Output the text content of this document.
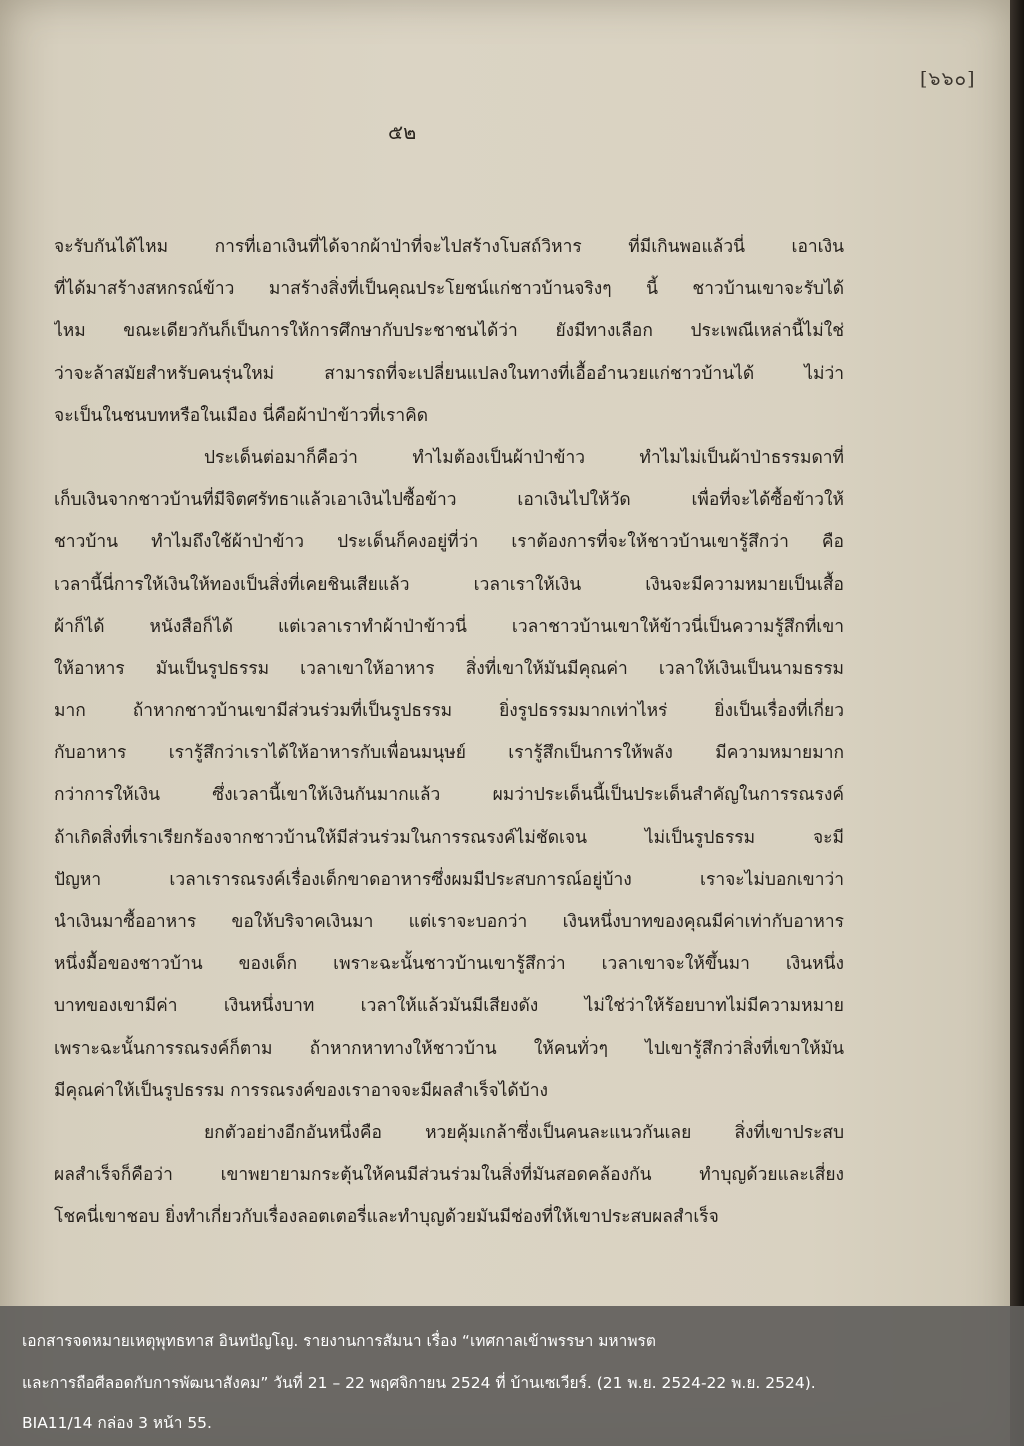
[๖๖๐]
๕๒
จะรับกันได้ไหม การที่เอาเงินที่ได้จากผ้าป่าที่จะไปสร้างโบสถ์วิหาร ที่มีเกินพอแล้วนี่ เอาเงิน
ที่ได้มาสร้างสหกรณ์ข้าว มาสร้างสิ่งที่เป็นคุณประโยชน์แก่ชาวบ้านจริงๆ นี้ ชาวบ้านเขาจะรับได้
ไหม ขณะเดียวกันก็เป็นการให้การศึกษากับประชาชนได้ว่า ยังมีทางเลือก ประเพณีเหล่านี้ไม่ใช่
ว่าจะล้าสมัยสำหรับคนรุ่นใหม่ สามารถที่จะเปลี่ยนแปลงในทางที่เอื้ออำนวยแก่ชาวบ้านได้ ไม่ว่า
จะเป็นในชนบทหรือในเมือง นี่คือผ้าป่าข้าวที่เราคิด
ประเด็นต่อมาก็คือว่า ทำไมต้องเป็นผ้าป่าข้าว ทำไมไม่เป็นผ้าป่าธรรมดาที่
เก็บเงินจากชาวบ้านที่มีจิตศรัทธาแล้วเอาเงินไปซื้อข้าว เอาเงินไปให้วัด เพื่อที่จะได้ซื้อข้าวให้
ชาวบ้าน ทำไมถึงใช้ผ้าป่าข้าว ประเด็นก็คงอยู่ที่ว่า เราต้องการที่จะให้ชาวบ้านเขารู้สึกว่า คือ
เวลานี้นี่การให้เงินให้ทองเป็นสิ่งที่เคยชินเสียแล้ว เวลาเราให้เงิน เงินจะมีความหมายเป็นเสื้อ
ผ้าก็ได้ หนังสือก็ได้ แต่เวลาเราทำผ้าป่าข้าวนี่ เวลาชาวบ้านเขาให้ข้าวนี่เป็นความรู้สึกที่เขา
ให้อาหาร มันเป็นรูปธรรม เวลาเขาให้อาหาร สิ่งที่เขาให้มันมีคุณค่า เวลาให้เงินเป็นนามธรรม
มาก ถ้าหากชาวบ้านเขามีส่วนร่วมที่เป็นรูปธรรม ยิ่งรูปธรรมมากเท่าไหร่ ยิ่งเป็นเรื่องที่เกี่ยว
กับอาหาร เรารู้สึกว่าเราได้ให้อาหารกับเพื่อนมนุษย์ เรารู้สึกเป็นการให้พลัง มีความหมายมาก
กว่าการให้เงิน ซึ่งเวลานี้เขาให้เงินกันมากแล้ว ผมว่าประเด็นนี้เป็นประเด็นสำคัญในการรณรงค์
ถ้าเกิดสิ่งที่เราเรียกร้องจากชาวบ้านให้มีส่วนร่วมในการรณรงค์ไม่ชัดเจน ไม่เป็นรูปธรรม จะมี
ปัญหา เวลาเรารณรงค์เรื่องเด็กขาดอาหารซึ่งผมมีประสบการณ์อยู่บ้าง เราจะไม่บอกเขาว่า
นำเงินมาซื้ออาหาร ขอให้บริจาคเงินมา แต่เราจะบอกว่า เงินหนึ่งบาทของคุณมีค่าเท่ากับอาหาร
หนึ่งมื้อของชาวบ้าน ของเด็ก เพราะฉะนั้นชาวบ้านเขารู้สึกว่า เวลาเขาจะให้ขึ้นมา เงินหนึ่ง
บาทของเขามีค่า เงินหนึ่งบาท เวลาให้แล้วมันมีเสียงดัง ไม่ใช่ว่าให้ร้อยบาทไม่มีความหมาย
เพราะฉะนั้นการรณรงค์ก็ตาม ถ้าหากหาทางให้ชาวบ้าน ให้คนทั่วๆ ไปเขารู้สึกว่าสิ่งที่เขาให้มัน
มีคุณค่าให้เป็นรูปธรรม การรณรงค์ของเราอาจจะมีผลสำเร็จได้บ้าง
ยกตัวอย่างอีกอันหนึ่งคือ หวยคุ้มเกล้าซึ่งเป็นคนละแนวกันเลย สิ่งที่เขาประสบ
ผลสำเร็จก็คือว่า เขาพยายามกระตุ้นให้คนมีส่วนร่วมในสิ่งที่มันสอดคล้องกัน ทำบุญด้วยและเสี่ยง
โชคนี่เขาชอบ ยิ่งทำเกี่ยวกับเรื่องลอตเตอรี่และทำบุญด้วยมันมีช่องที่ให้เขาประสบผลสำเร็จ
เอกสารจดหมายเหตุพุทธทาส อินทปัญโญ. รายงานการสัมนา เรื่อง “เทศกาลเข้าพรรษา มหาพรต
และการถือศีลอดกับการพัฒนาสังคม” วันที่ 21 – 22 พฤศจิกายน 2524 ที่ บ้านเซเวียร์. (21 พ.ย. 2524-22 พ.ย. 2524).
BIA11/14 กล่อง 3 หน้า 55.
